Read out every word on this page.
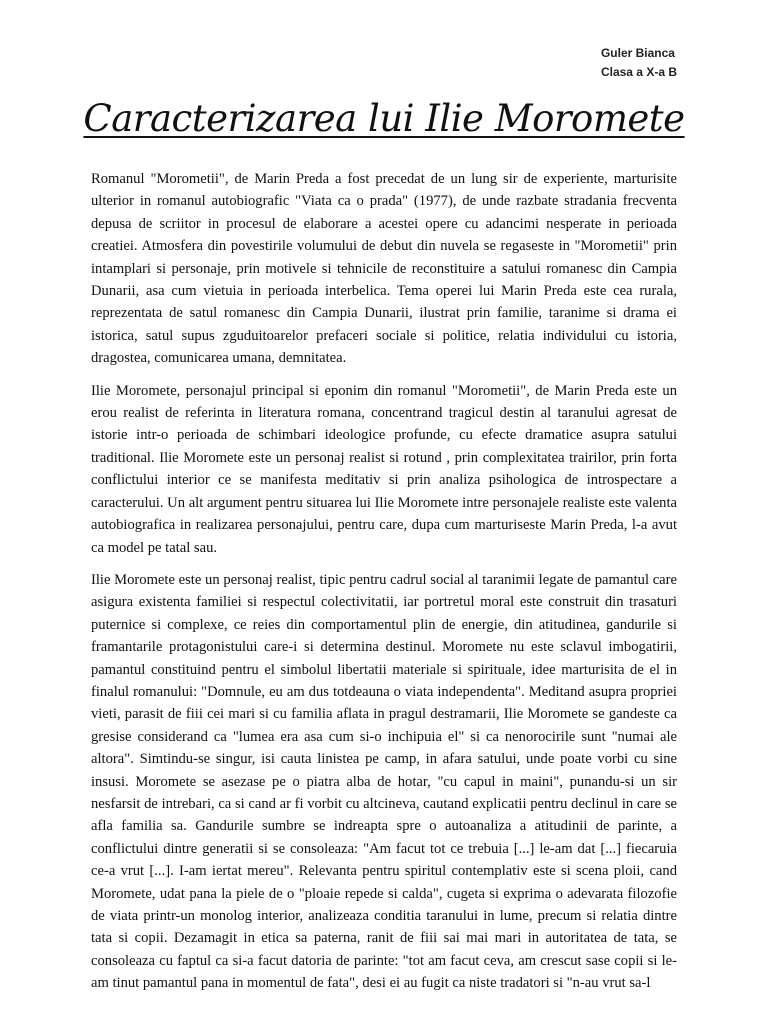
Guler Bianca
Clasa a X-a B
Caracterizarea lui Ilie Moromete

Romanul "Morometii", de Marin Preda a fost precedat de un lung sir de experiente, marturisite ulterior in romanul autobiografic "Viata ca o prada" (1977), de unde razbate stradania frecventa depusa de scriitor in procesul de elaborare a acestei opere cu adancimi nesperate in perioada creatiei. Atmosfera din povestirile volumului de debut din nuvela se regaseste in "Morometii" prin intamplari si personaje, prin motivele si tehnicile de reconstituire a satului romanesc din Campia Dunarii, asa cum vietuia in perioada interbelica. Tema operei lui Marin Preda este cea rurala, reprezentata de satul romanesc din Campia Dunarii, ilustrat prin familie, taranime si drama ei istorica, satul supus zguduitoarelor prefaceri sociale si politice, relatia individului cu istoria, dragostea, comunicarea umana, demnitatea.

Ilie Moromete, personajul principal si eponim din romanul "Morometii", de Marin Preda este un erou realist de referinta in literatura romana, concentrand tragicul destin al taranului agresat de istorie intr-o perioada de schimbari ideologice profunde, cu efecte dramatice asupra satului traditional. Ilie Moromete este un personaj realist si rotund , prin complexitatea trairilor, prin forta conflictului interior ce se manifesta meditativ si prin analiza psihologica de introspectare a caracterului. Un alt argument pentru situarea lui Ilie Moromete intre personajele realiste este valenta autobiografica in realizarea personajului, pentru care, dupa cum marturiseste Marin Preda, l-a avut ca model pe tatal sau.

Ilie Moromete este un personaj realist, tipic pentru cadrul social al taranimii legate de pamantul care asigura existenta familiei si respectul colectivitatii, iar portretul moral este construit din trasaturi puternice si complexe, ce reies din comportamentul plin de energie, din atitudinea, gandurile si framantarile protagonistului care-i si determina destinul. Moromete nu este sclavul imbogatirii, pamantul constituind pentru el simbolul libertatii materiale si spirituale, idee marturisita de el in finalul romanului: "Domnule, eu am dus totdeauna o viata independenta". Meditand asupra propriei vieti, parasit de fiii cei mari si cu familia aflata in pragul destramarii, Ilie Moromete se gandeste ca gresise considerand ca "lumea era asa cum si-o inchipuia el" si ca nenorocirile sunt "numai ale altora". Simtindu-se singur, isi cauta linistea pe camp, in afara satului, unde poate vorbi cu sine insusi. Moromete se asezase pe o piatra alba de hotar, "cu capul in maini", punandu-si un sir nesfarsit de intrebari, ca si cand ar fi vorbit cu altcineva, cautand explicatii pentru declinul in care se afla familia sa. Gandurile sumbre se indreapta spre o autoanaliza a atitudinii de parinte, a conflictului dintre generatii si se consoleaza: "Am facut tot ce trebuia [...] le-am dat [...] fiecaruia ce-a vrut [...]. I-am iertat mereu". Relevanta pentru spiritul contemplativ este si scena ploii, cand Moromete, udat pana la piele de o "ploaie repede si calda", cugeta si exprima o adevarata filozofie de viata printr-un monolog interior, analizeaza conditia taranului in lume, precum si relatia dintre tata si copii. Dezamagit in etica sa paterna, ranit de fiii sai mai mari in autoritatea de tata, se consoleaza cu faptul ca si-a facut datoria de parinte: "tot am facut ceva, am crescut sase copii si le-am tinut pamantul pana in momentul de fata", desi ei au fugit ca niste tradatori si "n-au vrut sa-l
